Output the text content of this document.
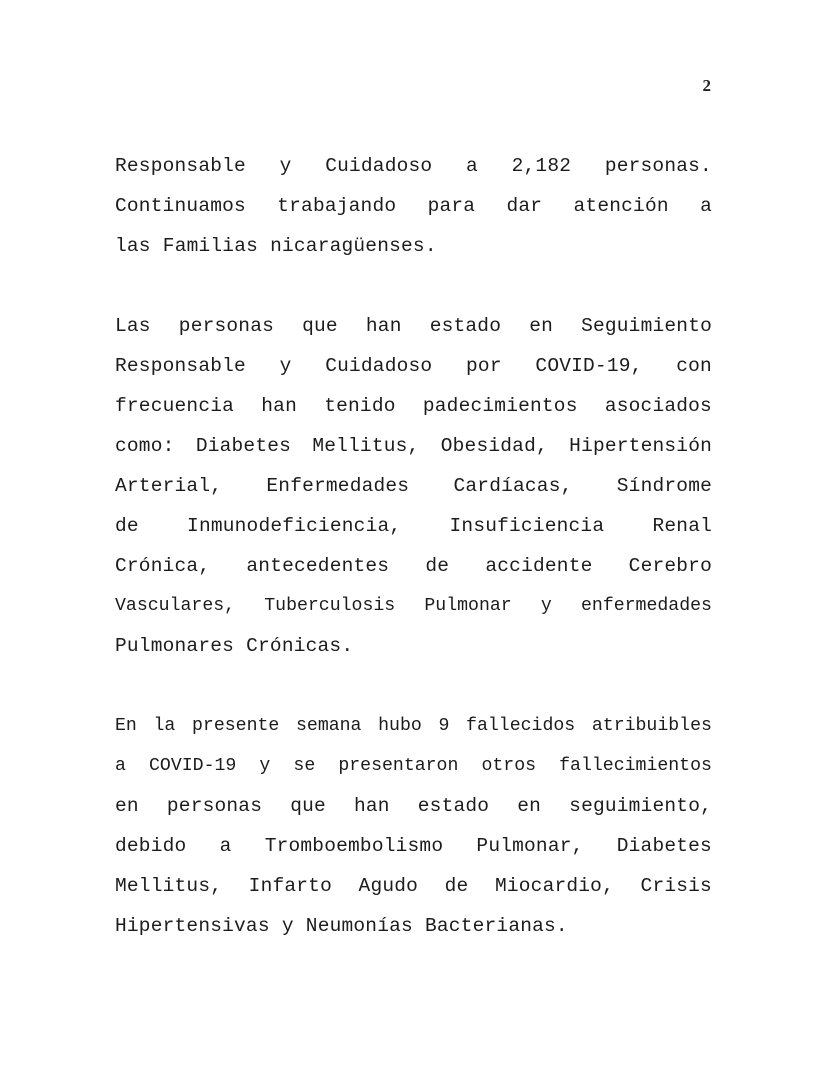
2
Responsable y Cuidadoso a 2,182 personas.
Continuamos trabajando para dar atención a
las Familias nicaragüenses.
Las personas que han estado en Seguimiento
Responsable y Cuidadoso por COVID-19, con
frecuencia han tenido padecimientos asociados
como: Diabetes Mellitus, Obesidad, Hipertensión
Arterial, Enfermedades Cardíacas, Síndrome
de Inmunodeficiencia, Insuficiencia Renal
Crónica, antecedentes de accidente Cerebro
Vasculares, Tuberculosis Pulmonar y enfermedades
Pulmonares Crónicas.
En la presente semana hubo 9 fallecidos atribuibles
a COVID-19 y se presentaron otros fallecimientos
en personas que han estado en seguimiento,
debido a Tromboembolismo Pulmonar, Diabetes
Mellitus, Infarto Agudo de Miocardio, Crisis
Hipertensivas y Neumonías Bacterianas.
